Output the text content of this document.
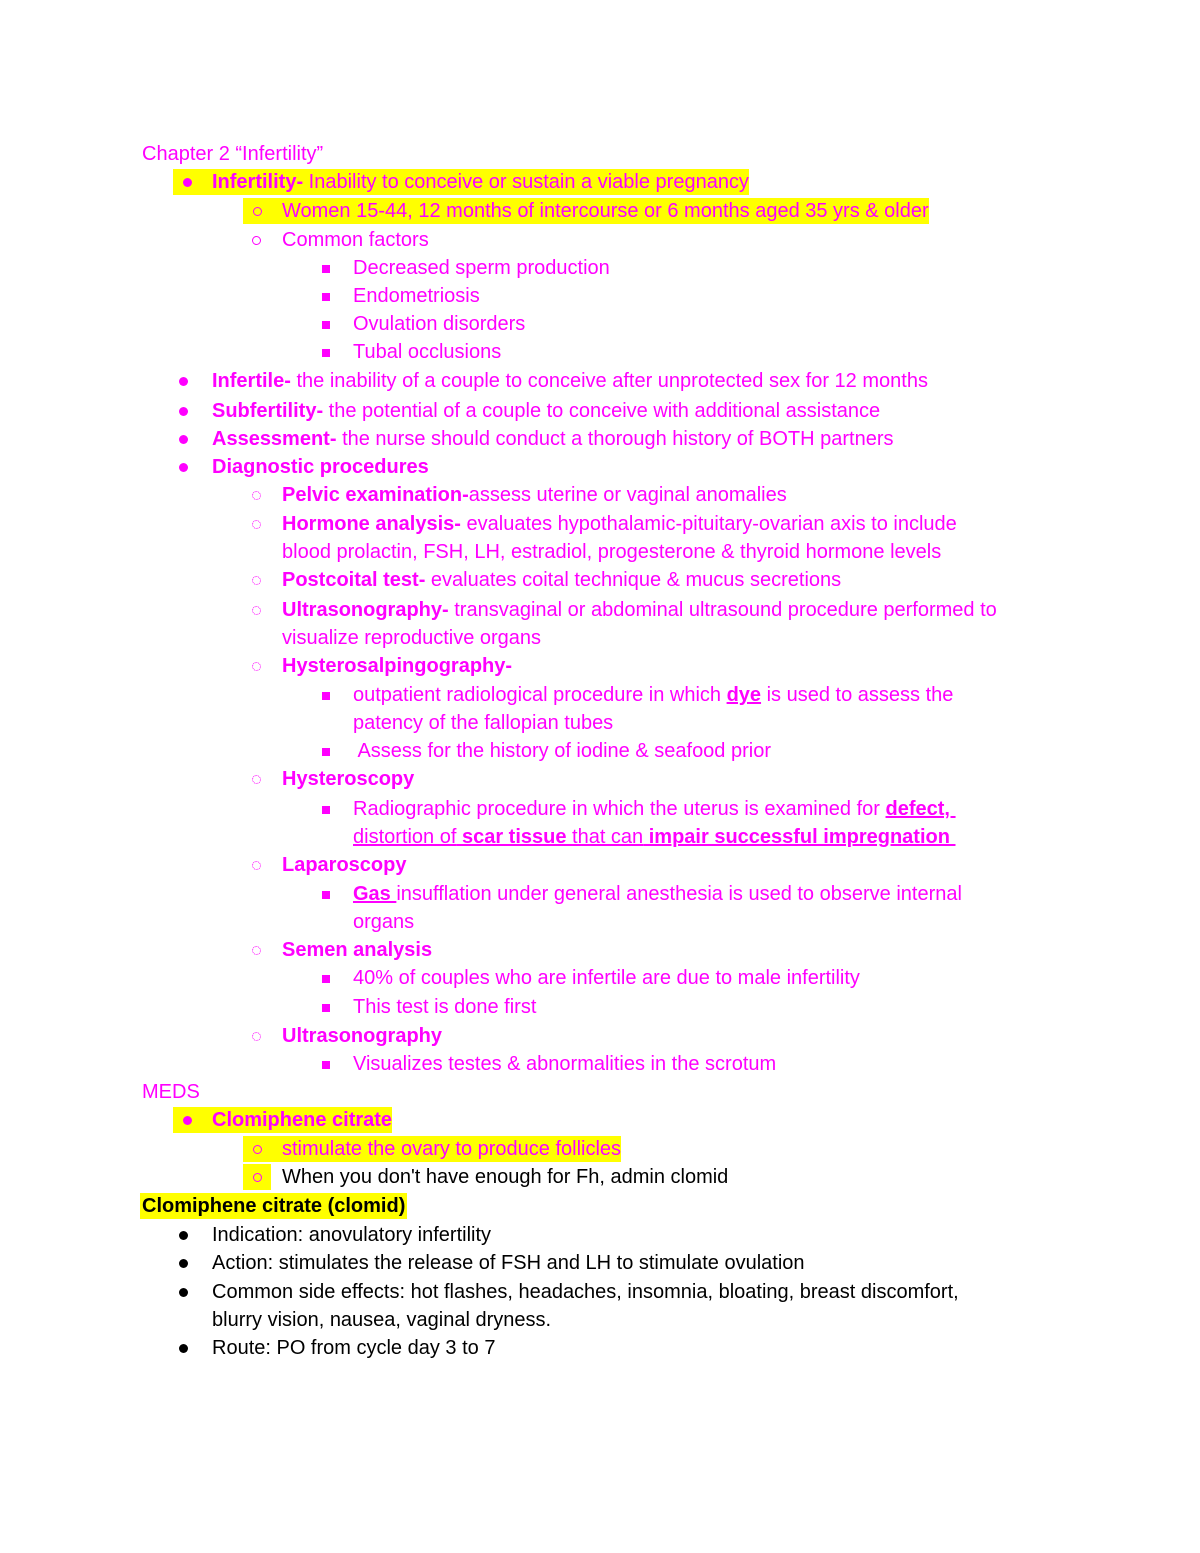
Chapter 2 “Infertility”
Infertility- Inability to conceive or sustain a viable pregnancy
Women 15-44, 12 months of intercourse or 6 months aged 35 yrs & older
Common factors
Decreased sperm production
Endometriosis
Ovulation disorders
Tubal occlusions
Infertile- the inability of a couple to conceive after unprotected sex for 12 months
Subfertility- the potential of a couple to conceive with additional assistance
Assessment- the nurse should conduct a thorough history of BOTH partners
Diagnostic procedures
Pelvic examination-assess uterine or vaginal anomalies
Hormone analysis- evaluates hypothalamic-pituitary-ovarian axis to include
blood prolactin, FSH, LH, estradiol, progesterone & thyroid hormone levels
Postcoital test- evaluates coital technique & mucus secretions
Ultrasonography- transvaginal or abdominal ultrasound procedure performed to
visualize reproductive organs
Hysterosalpingography-
outpatient radiological procedure in which dye is used to assess the
patency of the fallopian tubes
Assess for the history of iodine & seafood prior
Hysteroscopy
Radiographic procedure in which the uterus is examined for defect,
distortion of scar tissue that can impair successful impregnation
Laparoscopy
Gas insufflation under general anesthesia is used to observe internal
organs
Semen analysis
40% of couples who are infertile are due to male infertility
This test is done first
Ultrasonography
Visualizes testes & abnormalities in the scrotum
MEDS
Clomiphene citrate
stimulate the ovary to produce follicles
When you don't have enough for Fh, admin clomid
Clomiphene citrate (clomid)
Indication: anovulatory infertility
Action: stimulates the release of FSH and LH to stimulate ovulation
Common side effects: hot flashes, headaches, insomnia, bloating, breast discomfort,
blurry vision, nausea, vaginal dryness.
Route: PO from cycle day 3 to 7
